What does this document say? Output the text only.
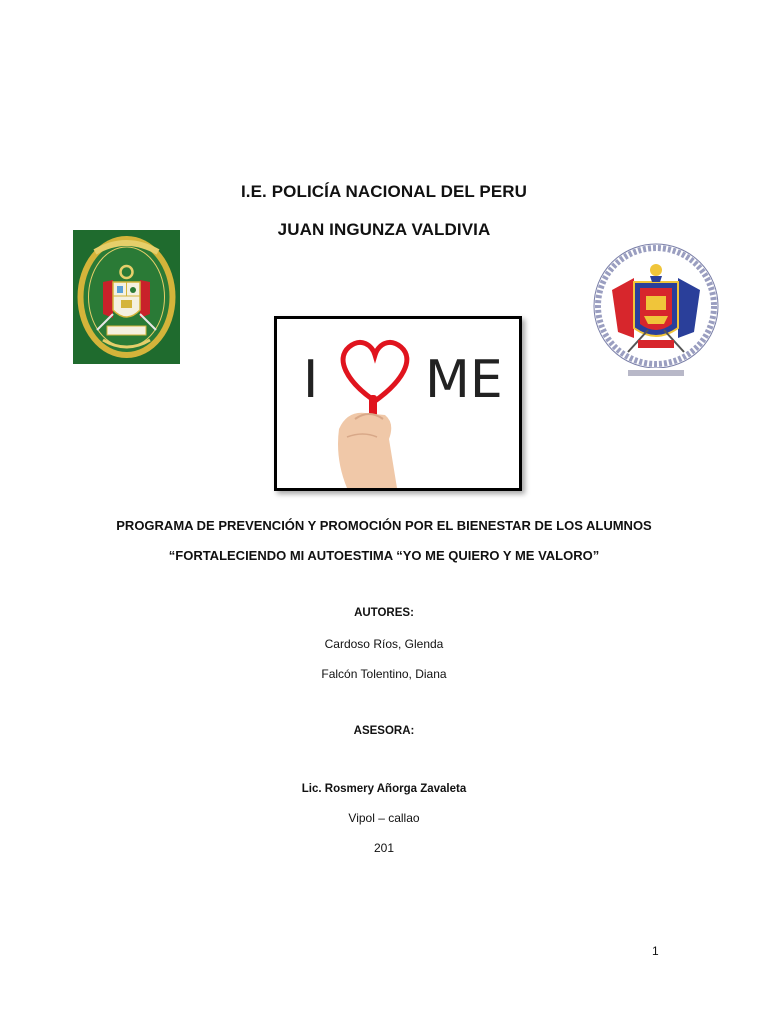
I.E. POLICÍA NACIONAL DEL PERU
JUAN INGUNZA VALDIVIA
I ME
PROGRAMA DE PREVENCIÓN Y PROMOCIÓN POR EL BIENESTAR DE LOS ALUMNOS
“FORTALECIENDO MI AUTOESTIMA “YO ME QUIERO Y ME VALORO”
AUTORES:
Cardoso Ríos, Glenda
Falcón Tolentino, Diana
ASESORA:
Lic. Rosmery Añorga Zavaleta
Vipol – callao
201
1
